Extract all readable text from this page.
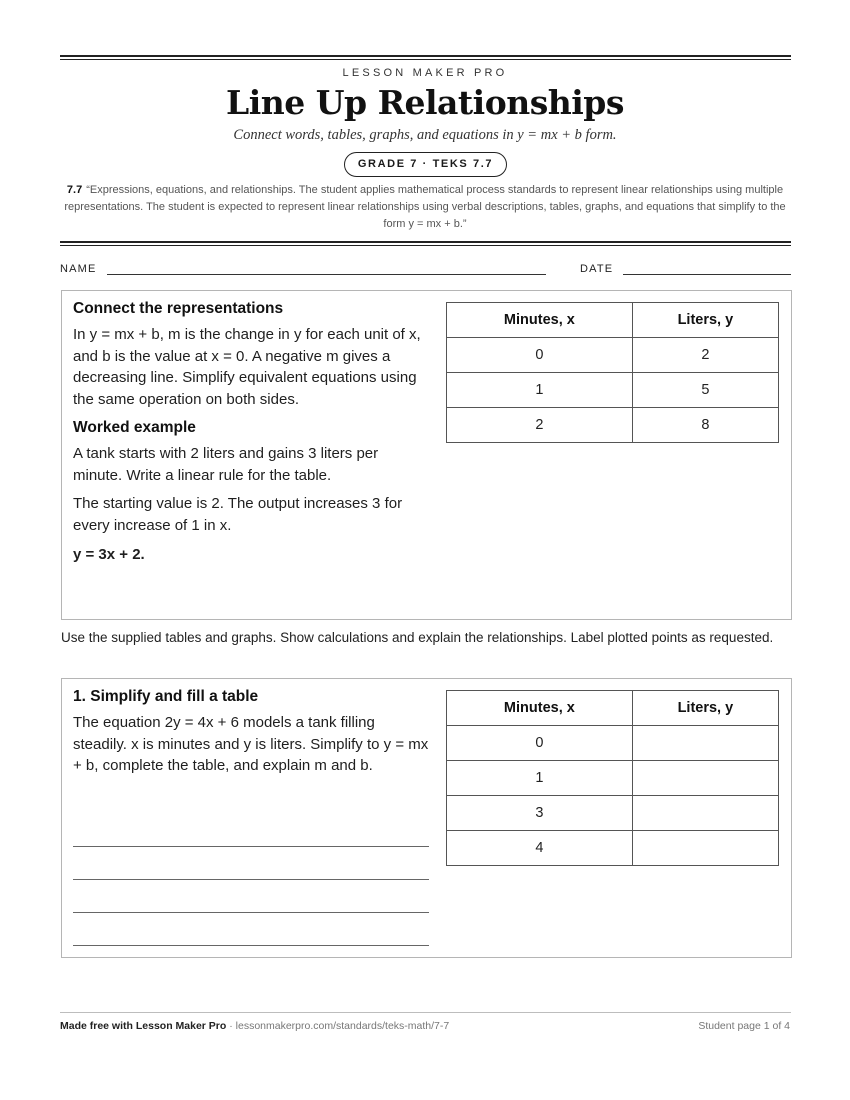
LESSON MAKER PRO
Line Up Relationships
Connect words, tables, graphs, and equations in y = mx + b form.
GRADE 7 · TEKS 7.7
7.7 “Expressions, equations, and relationships. The student applies mathematical process standards to represent linear relationships using multiple representations. The student is expected to represent linear relationships using verbal descriptions, tables, graphs, and equations that simplify to the form y = mx + b.”
NAME	DATE
Connect the representations

In y = mx + b, m is the change in y for each unit of x, and b is the value at x = 0. A negative m gives a decreasing line. Simplify equivalent equations using the same operation on both sides.

Worked example

A tank starts with 2 liters and gains 3 liters per minute. Write a linear rule for the table.

The starting value is 2. The output increases 3 for every increase of 1 in x.

y = 3x + 2.

Minutes, x	Liters, y
0	2
1	5
2	8
Use the supplied tables and graphs. Show calculations and explain the relationships. Label plotted points as requested.
1. Simplify and fill a table

The equation 2y = 4x + 6 models a tank filling steadily. x is minutes and y is liters. Simplify to y = mx + b, complete the table, and explain m and b.

Minutes, x	Liters, y
0	
1	
3	
4	
Made free with Lesson Maker Pro · lessonmakerpro.com/standards/teks-math/7-7	Student page 1 of 4
